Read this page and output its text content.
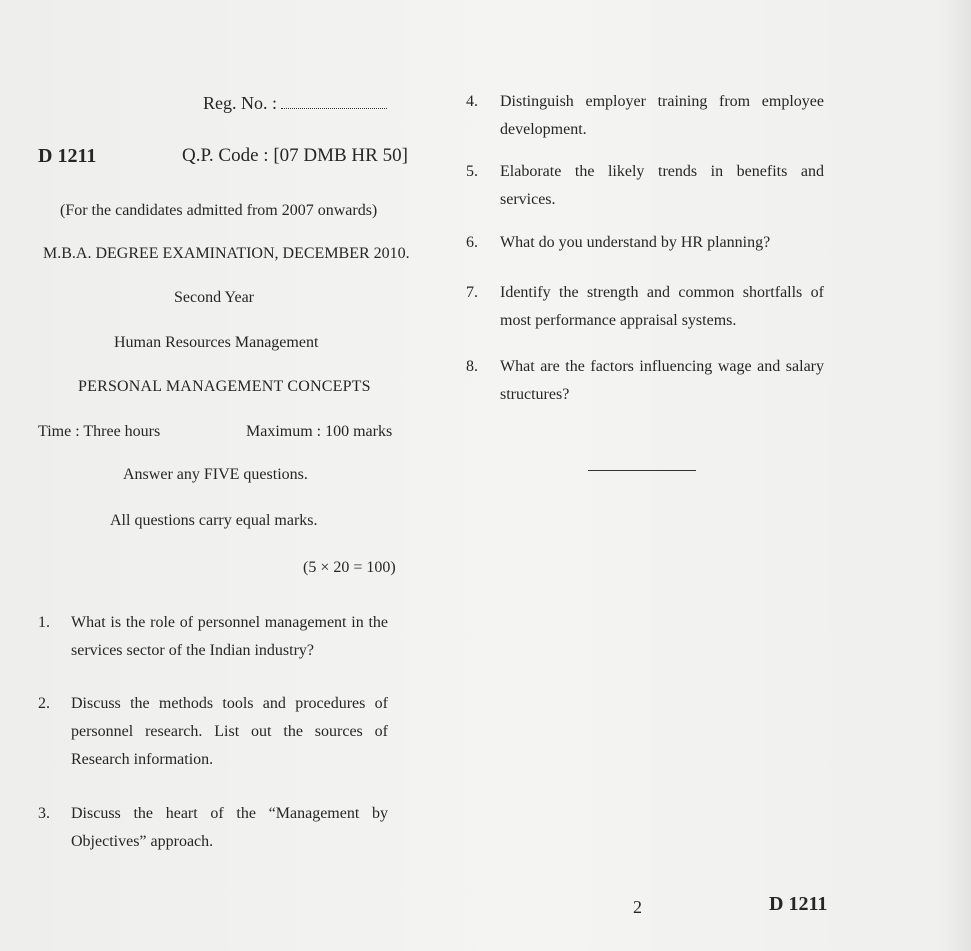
Reg. No. :
D 1211	Q.P. Code : [07 DMB HR 50]
(For the candidates admitted from 2007 onwards)
M.B.A. DEGREE EXAMINATION, DECEMBER 2010.
Second Year
Human Resources Management
PERSONAL MANAGEMENT CONCEPTS
Time : Three hours	Maximum : 100 marks
Answer any FIVE questions.
All questions carry equal marks.
(5 × 20 = 100)
1. What is the role of personnel management in the services sector of the Indian industry?
2. Discuss the methods tools and procedures of personnel research. List out the sources of Research information.
3. Discuss the heart of the “Management by Objectives” approach.
4. Distinguish employer training from employee development.
5. Elaborate the likely trends in benefits and services.
6. What do you understand by HR planning?
7. Identify the strength and common shortfalls of most performance appraisal systems.
8. What are the factors influencing wage and salary structures?
2	D 1211
